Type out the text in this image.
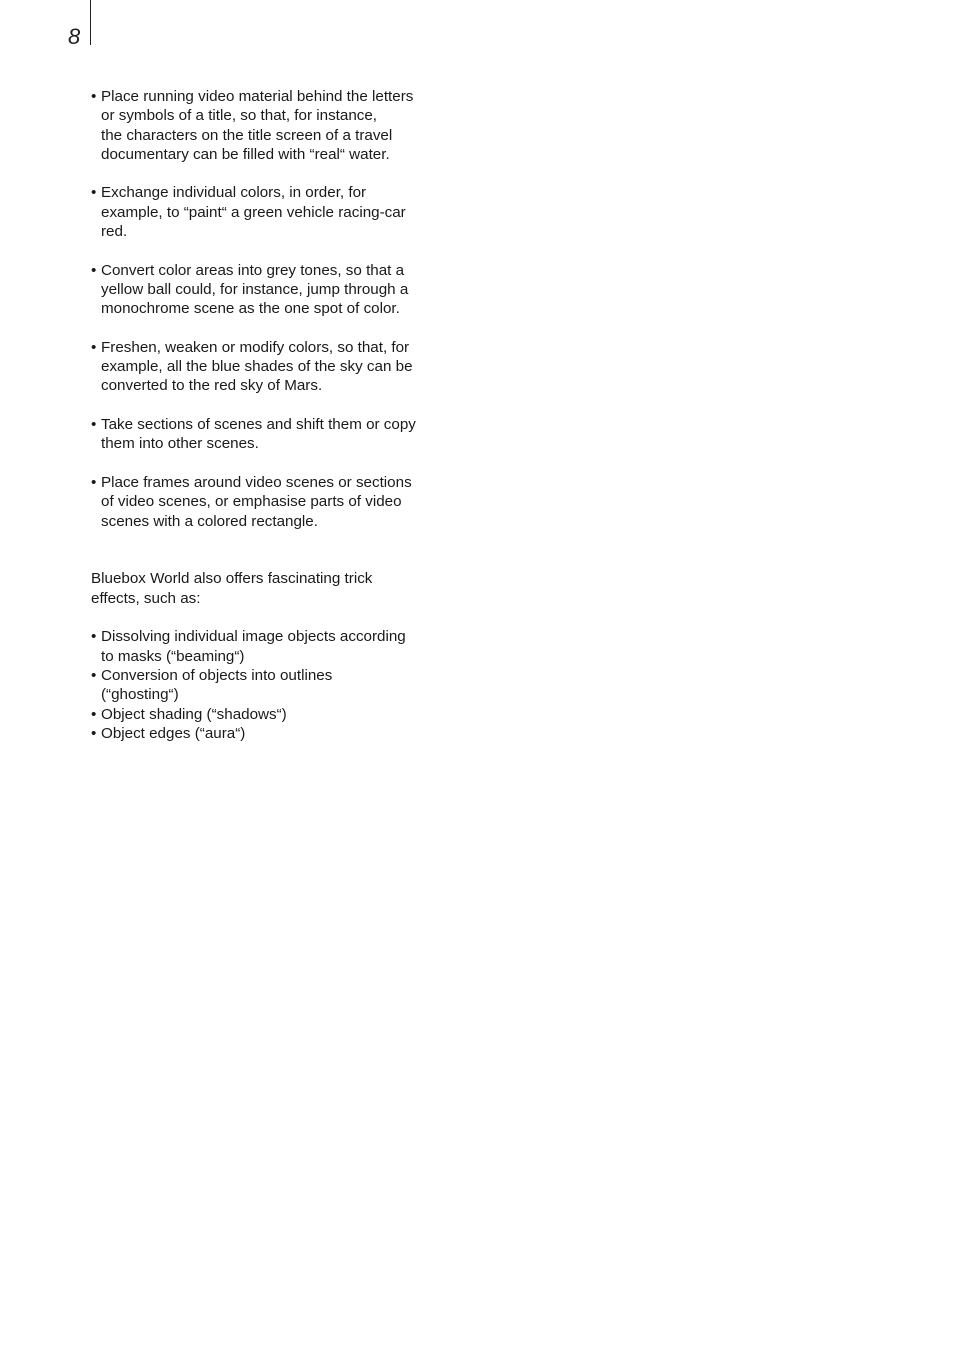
8
• Place running video material behind the letters
or symbols of a title, so that, for instance,
the characters on the title screen of a travel
documentary can be filled with “real“ water.
• Exchange individual colors, in order, for
example, to “paint“ a green vehicle racing-car
red.
• Convert color areas into grey tones, so that a
yellow ball could, for instance, jump through a
monochrome scene as the one spot of color.
• Freshen, weaken or modify colors, so that, for
example, all the blue shades of the sky can be
converted to the red sky of Mars.
• Take sections of scenes and shift them or copy
them into other scenes.
• Place frames around video scenes or sections
of video scenes, or emphasise parts of video
scenes with a colored rectangle.

Bluebox World also offers fascinating trick
effects, such as:

• Dissolving individual image objects according
to masks (“beaming“)
• Conversion of objects into outlines
(“ghosting“)
• Object shading (“shadows“)
• Object edges (“aura“)
